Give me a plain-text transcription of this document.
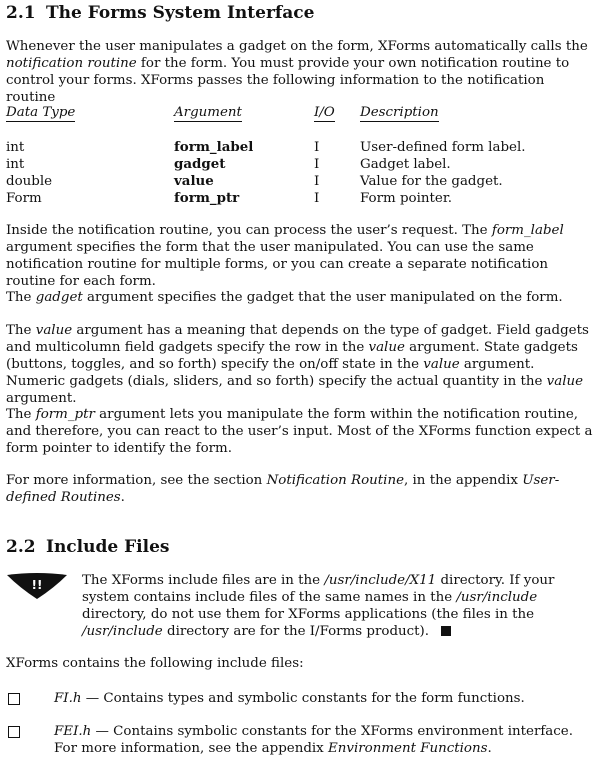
2.1 The Forms System Interface

Whenever the user manipulates a gadget on the form, XForms automatically calls the notification routine for the form. You must provide your own notification routine to control your forms. XForms passes the following information to the notification routine

Data Type	Argument	I/O	Description

int	form_label	I	User-defined form label.
int	gadget	I	Gadget label.
double	value	I	Value for the gadget.
Form	form_ptr	I	Form pointer.

Inside the notification routine, you can process the user’s request. The form_label argument specifies the form that the user manipulated. You can use the same notification routine for multiple forms, or you can create a separate notification routine for each form.

The gadget argument specifies the gadget that the user manipulated on the form.

The value argument has a meaning that depends on the type of gadget. Field gadgets and multicolumn field gadgets specify the row in the value argument. State gadgets (buttons, toggles, and so forth) specify the on/off state in the value argument. Numeric gadgets (dials, sliders, and so forth) specify the actual quantity in the value argument.

The form_ptr argument lets you manipulate the form within the notification routine, and therefore, you can react to the user’s input. Most of the XForms function expect a form pointer to identify the form.

For more information, see the section Notification Routine, in the appendix User-defined Routines.

2.2 Include Files
!!	The XForms include files are in the /usr/include/X11 directory. If your system contains include files of the same names in the /usr/include directory, do not use them for XForms applications (the files in the /usr/include directory are for the I/Forms product).

XForms contains the following include files:

FI.h — Contains types and symbolic constants for the form functions.

FEI.h — Contains symbolic constants for the XForms environment interface. For more information, see the appendix Environment Functions.
